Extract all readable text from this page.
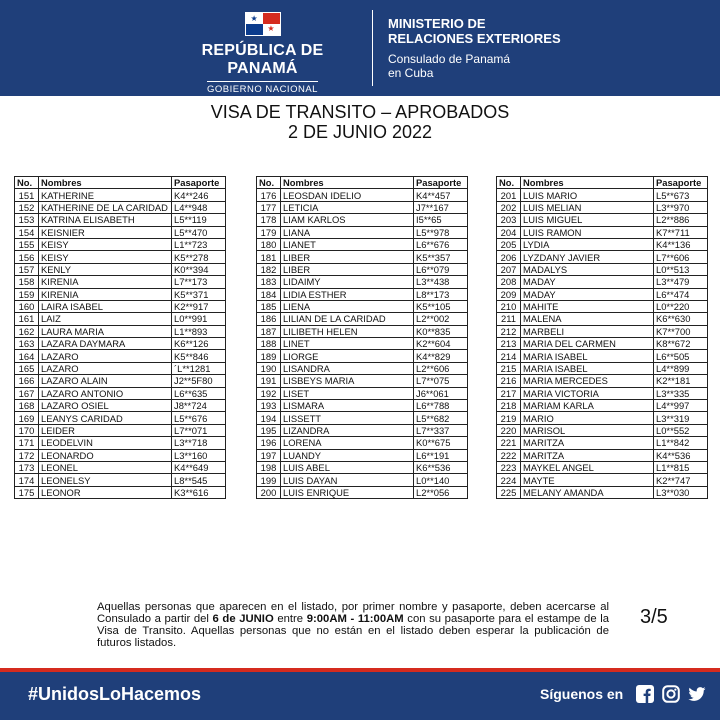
★
★
REPÚBLICA DE PANAMÁ
GOBIERNO NACIONAL
MINISTERIO DE
RELACIONES EXTERIORES
Consulado de Panamá
en Cuba
VISA DE TRANSITO – APROBADOS
2 DE JUNIO 2022
No.	Nombres	Pasaporte
151	KATHERINE	K4**246
152	KATHERINE DE LA CARIDAD	L4**948
153	KATRINA ELISABETH	L5**119
154	KEISNIER	L5**470
155	KEISY	L1**723
156	KEISY	K5**278
157	KENLY	K0**394
158	KIRENIA	L7**173
159	KIRENIA	K5**371
160	LAIRA ISABEL	K2**917
161	LAIZ	L0**991
162	LAURA MARIA	L1**893
163	LAZARA DAYMARA	K6**126
164	LAZARO	K5**846
165	LAZARO	´L**1281
166	LAZARO ALAIN	J2**5F80
167	LAZARO ANTONIO	L6**635
168	LAZARO OSIEL	J8**724
169	LEANYS CARIDAD	L5**676
170	LEIDER	L7**071
171	LEODELVIN	L3**718
172	LEONARDO	L3**160
173	LEONEL	K4**649
174	LEONELSY	L8**545
175	LEONOR	K3**616
No.	Nombres	Pasaporte
176	LEOSDAN IDELIO	K4**457
177	LETICIA	J7**167
178	LIAM KARLOS	I5**65
179	LIANA	L5**978
180	LIANET	L6**676
181	LIBER	K5**357
182	LIBER	L6**079
183	LIDAIMY	L3**438
184	LIDIA ESTHER	L8**173
185	LIENA	K5**105
186	LILIAN DE LA CARIDAD	L2**002
187	LILIBETH HELEN	K0**835
188	LINET	K2**604
189	LIORGE	K4**829
190	LISANDRA	L2**606
191	LISBEYS MARIA	L7**075
192	LISET	J6**061
193	LISMARA	L6**788
194	LISSETT	L5**682
195	LIZANDRA	L7**337
196	LORENA	K0**675
197	LUANDY	L6**191
198	LUIS ABEL	K6**536
199	LUIS DAYAN	L0**140
200	LUIS ENRIQUE	L2**056
No.	Nombres	Pasaporte
201	LUIS MARIO	L5**673
202	LUIS MELIAN	L3**970
203	LUIS MIGUEL	L2**886
204	LUIS RAMON	K7**711
205	LYDIA	K4**136
206	LYZDANY JAVIER	L7**606
207	MADALYS	L0**513
208	MADAY	L3**479
209	MADAY	L6**474
210	MAHITE	L0**220
211	MALENA	K6**630
212	MARBELI	K7**700
213	MARIA DEL CARMEN	K8**672
214	MARIA ISABEL	L6**505
215	MARIA ISABEL	L4**899
216	MARIA MERCEDES	K2**181
217	MARIA VICTORIA	L3**335
218	MARIAM KARLA	L4**997
219	MARIO	L3**319
220	MARISOL	L0**552
221	MARITZA	L1**842
222	MARITZA	K4**536
223	MAYKEL ANGEL	L1**815
224	MAYTE	K2**747
225	MELANY AMANDA	L3**030

Aquellas personas que aparecen en el listado, por primer nombre y pasaporte, deben acercarse al Consulado a partir del 6 de JUNIO entre 9:00AM - 11:00AM con su pasaporte para el estampe de la Visa de Transito. Aquellas personas que no están en el listado deben esperar la publicación de futuros listados.

3/5
#UnidosLoHacemos	Síguenos en
